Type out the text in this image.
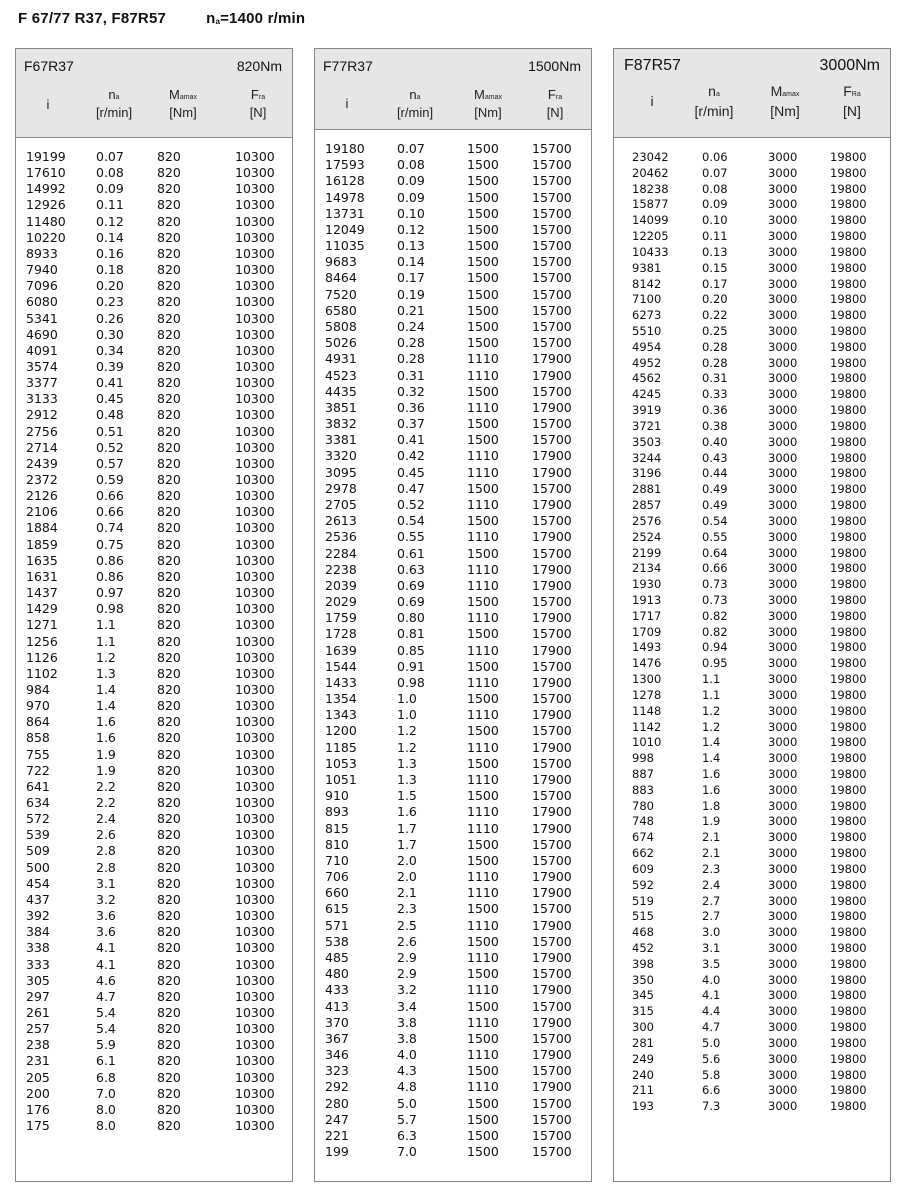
F 67/77 R37, F87R57	na=1400 r/min
F67R37	820Nm
i
na
[r/min]
Mamax
[Nm]
Fra
[N]
19199 0.07	820	10300
17610 0.08	820	10300
14992 0.09	820	10300
12926 0.11	820	10300
11480 0.12	820	10300
10220 0.14	820	10300
8933	0.16	820	10300
7940	0.18	820	10300
7096	0.20	820	10300
6080	0.23	820	10300
5341	0.26	820	10300
4690	0.30	820	10300
4091	0.34	820	10300
3574	0.39	820	10300
3377	0.41	820	10300
3133	0.45	820	10300
2912	0.48	820	10300
2756	0.51	820	10300
2714	0.52	820	10300
2439	0.57	820	10300
2372	0.59	820	10300
2126	0.66	820	10300
2106	0.66	820	10300
1884	0.74	820	10300
1859	0.75	820	10300
1635	0.86	820	10300
1631	0.86	820	10300
1437	0.97	820	10300
1429	0.98	820	10300
1271	1.1	820	10300
1256	1.1	820	10300
1126	1.2	820	10300
1102	1.3	820	10300
984	1.4	820	10300
970	1.4	820	10300
864	1.6	820	10300
858	1.6	820	10300
755	1.9	820	10300
722	1.9	820	10300
641	2.2	820	10300
634	2.2	820	10300
572	2.4	820	10300
539	2.6	820	10300
509	2.8	820	10300
500	2.8	820	10300
454	3.1	820	10300
437	3.2	820	10300
392	3.6	820	10300
384	3.6	820	10300
338	4.1	820	10300
333	4.1	820	10300
305	4.6	820	10300
297	4.7	820	10300
261	5.4	820	10300
257	5.4	820	10300
238	5.9	820	10300
231	6.1	820	10300
205	6.8	820	10300
200	7.0	820	10300
176	8.0	820	10300
175	8.0	820	10300
F77R37	1500Nm
i
na
[r/min]
Mamax
[Nm]
Fra
[N]
19180	0.07	1500	15700
17593	0.08	1500	15700
16128	0.09	1500	15700
14978	0.09	1500	15700
13731	0.10	1500	15700
12049	0.12	1500	15700
11035	0.13	1500	15700
9683	0.14	1500	15700
8464	0.17	1500	15700
7520	0.19	1500	15700
6580	0.21	1500	15700
5808	0.24	1500	15700
5026	0.28	1500	15700
4931	0.28	1110	17900
4523	0.31	1110	17900
4435	0.32	1500	15700
3851	0.36	1110	17900
3832	0.37	1500	15700
3381	0.41	1500	15700
3320	0.42	1110	17900
3095	0.45	1110	17900
2978	0.47	1500	15700
2705	0.52	1110	17900
2613	0.54	1500	15700
2536	0.55	1110	17900
2284	0.61	1500	15700
2238	0.63	1110	17900
2039	0.69	1110	17900
2029	0.69	1500	15700
1759	0.80	1110	17900
1728	0.81	1500	15700
1639	0.85	1110	17900
1544	0.91	1500	15700
1433	0.98	1110	17900
1354	1.0	1500	15700
1343	1.0	1110	17900
1200	1.2	1500	15700
1185	1.2	1110	17900
1053	1.3	1500	15700
1051	1.3	1110	17900
910	1.5	1500	15700
893	1.6	1110	17900
815	1.7	1110	17900
810	1.7	1500	15700
710	2.0	1500	15700
706	2.0	1110	17900
660	2.1	1110	17900
615	2.3	1500	15700
571	2.5	1110	17900
538	2.6	1500	15700
485	2.9	1110	17900
480	2.9	1500	15700
433	3.2	1110	17900
413	3.4	1500	15700
370	3.8	1110	17900
367	3.8	1500	15700
346	4.0	1110	17900
323	4.3	1500	15700
292	4.8	1110	17900
280	5.0	1500	15700
247	5.7	1500	15700
221	6.3	1500	15700
199	7.0	1500	15700
F87R57	3000Nm
i
na
[r/min]
Mamax
[Nm]
FRa
[N]
23042	0.06	3000	19800
20462	0.07	3000	19800
18238	0.08	3000	19800
15877	0.09	3000	19800
14099	0.10	3000	19800
12205	0.11	3000	19800
10433	0.13	3000	19800
9381	0.15	3000	19800
8142	0.17	3000	19800
7100	0.20	3000	19800
6273	0.22	3000	19800
5510	0.25	3000	19800
4954	0.28	3000	19800
4952	0.28	3000	19800
4562	0.31	3000	19800
4245	0.33	3000	19800
3919	0.36	3000	19800
3721	0.38	3000	19800
3503	0.40	3000	19800
3244	0.43	3000	19800
3196	0.44	3000	19800
2881	0.49	3000	19800
2857	0.49	3000	19800
2576	0.54	3000	19800
2524	0.55	3000	19800
2199	0.64	3000	19800
2134	0.66	3000	19800
1930	0.73	3000	19800
1913	0.73	3000	19800
1717	0.82	3000	19800
1709	0.82	3000	19800
1493	0.94	3000	19800
1476	0.95	3000	19800
1300	1.1	3000	19800
1278	1.1	3000	19800
1148	1.2	3000	19800
1142	1.2	3000	19800
1010	1.4	3000	19800
998	1.4	3000	19800
887	1.6	3000	19800
883	1.6	3000	19800
780	1.8	3000	19800
748	1.9	3000	19800
674	2.1	3000	19800
662	2.1	3000	19800
609	2.3	3000	19800
592	2.4	3000	19800
519	2.7	3000	19800
515	2.7	3000	19800
468	3.0	3000	19800
452	3.1	3000	19800
398	3.5	3000	19800
350	4.0	3000	19800
345	4.1	3000	19800
315	4.4	3000	19800
300	4.7	3000	19800
281	5.0	3000	19800
249	5.6	3000	19800
240	5.8	3000	19800
211	6.6	3000	19800
193	7.3	3000	19800
